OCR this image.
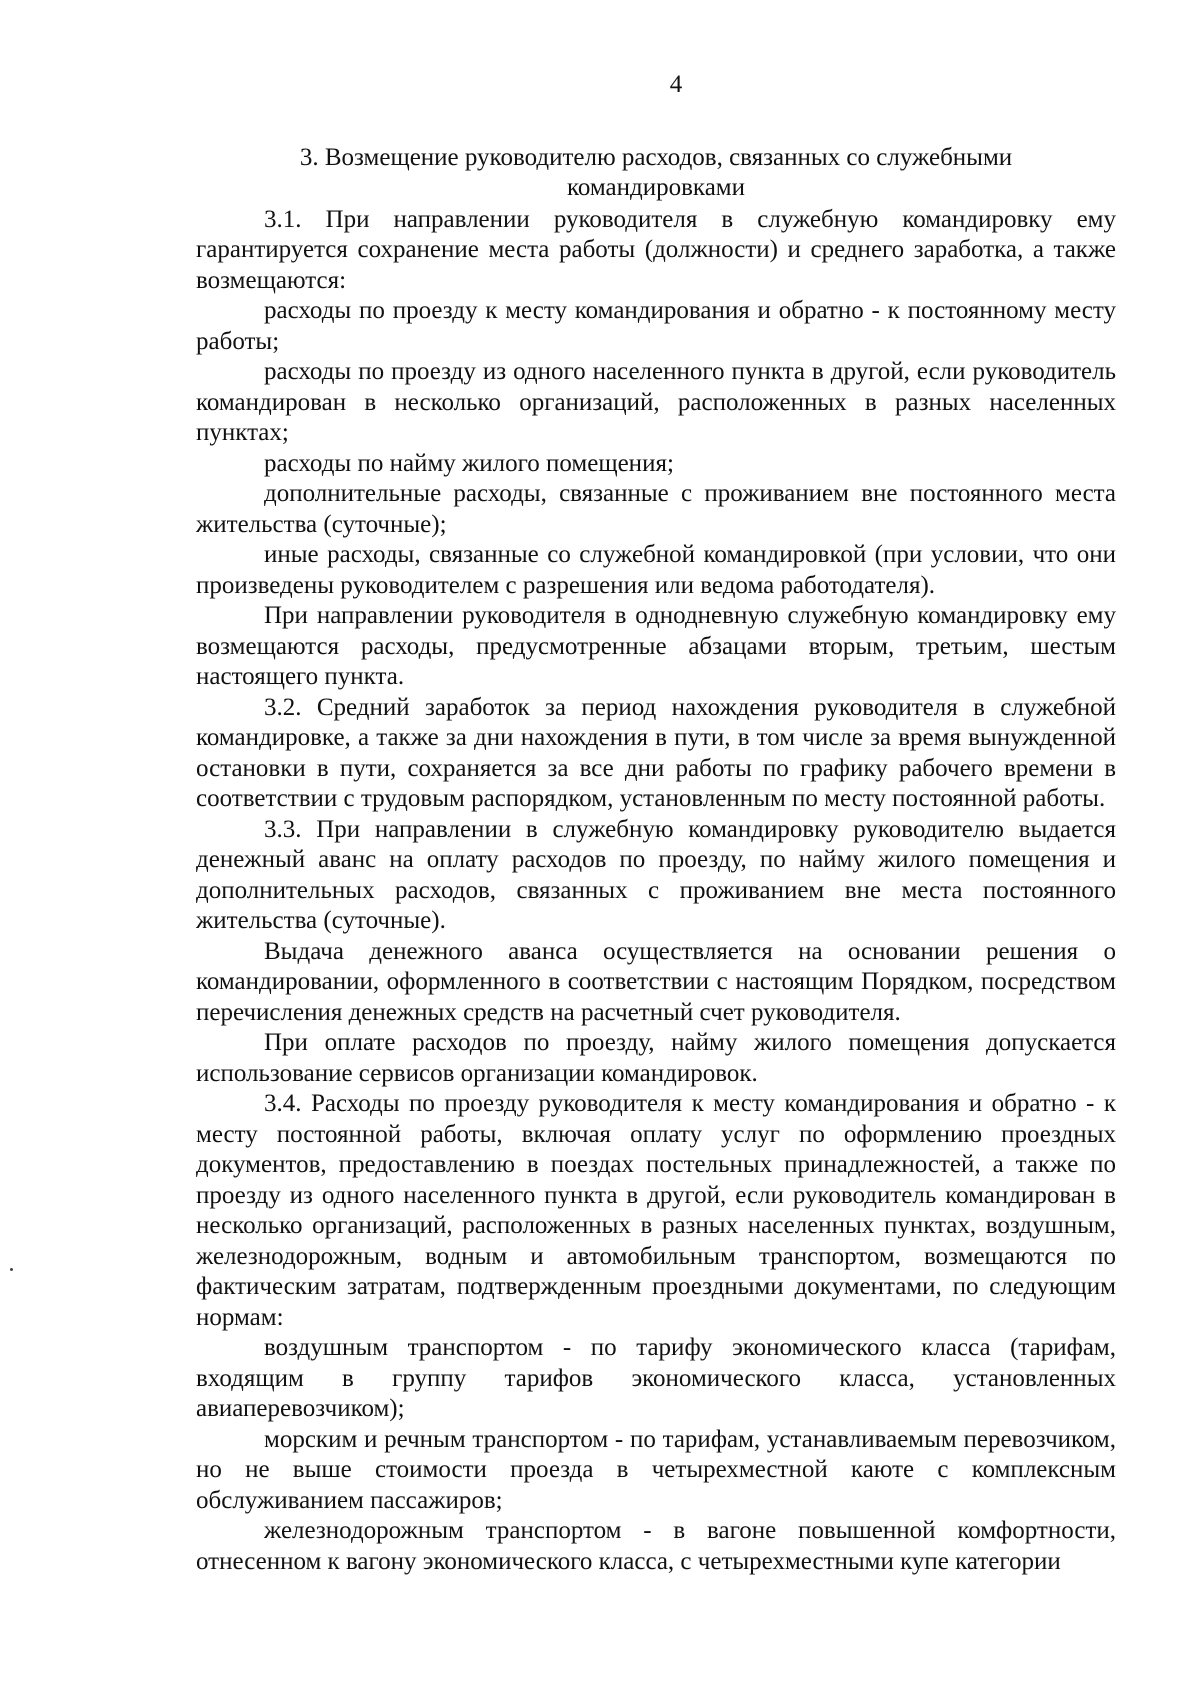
4
3. Возмещение руководителю расходов, связанных со служебными
командировками

3.1. При направлении руководителя в служебную командировку ему гарантируется сохранение места работы (должности) и среднего заработка, а также возмещаются:

расходы по проезду к месту командирования и обратно - к постоянному месту работы;

расходы по проезду из одного населенного пункта в другой, если руководитель командирован в несколько организаций, расположенных в разных населенных пунктах;

расходы по найму жилого помещения;

дополнительные расходы, связанные с проживанием вне постоянного места жительства (суточные);

иные расходы, связанные со служебной командировкой (при условии, что они произведены руководителем с разрешения или ведома работодателя).

При направлении руководителя в однодневную служебную командировку ему возмещаются расходы, предусмотренные абзацами вторым, третьим, шестым настоящего пункта.

3.2. Средний заработок за период нахождения руководителя в служебной командировке, а также за дни нахождения в пути, в том числе за время вынужденной остановки в пути, сохраняется за все дни работы по графику рабочего времени в соответствии с трудовым распорядком, установленным по месту постоянной работы.

3.3. При направлении в служебную командировку руководителю выдается денежный аванс на оплату расходов по проезду, по найму жилого помещения и дополнительных расходов, связанных с проживанием вне места постоянного жительства (суточные).

Выдача денежного аванса осуществляется на основании решения о командировании, оформленного в соответствии с настоящим Порядком, посредством перечисления денежных средств на расчетный счет руководителя.

При оплате расходов по проезду, найму жилого помещения допускается использование сервисов организации командировок.

3.4. Расходы по проезду руководителя к месту командирования и обратно - к месту постоянной работы, включая оплату услуг по оформлению проездных документов, предоставлению в поездах постельных принадлежностей, а также по проезду из одного населенного пункта в другой, если руководитель командирован в несколько организаций, расположенных в разных населенных пунктах, воздушным, железнодорожным, водным и автомобильным транспортом, возмещаются по фактическим затратам, подтвержденным проездными документами, по следующим нормам:

воздушным транспортом - по тарифу экономического класса (тарифам, входящим в группу тарифов экономического класса, установленных авиаперевозчиком);

морским и речным транспортом - по тарифам, устанавливаемым перевозчиком, но не выше стоимости проезда в четырехместной каюте с комплексным обслуживанием пассажиров;

железнодорожным транспортом - в вагоне повышенной комфортности, отнесенном к вагону экономического класса, с четырехместными купе категории
